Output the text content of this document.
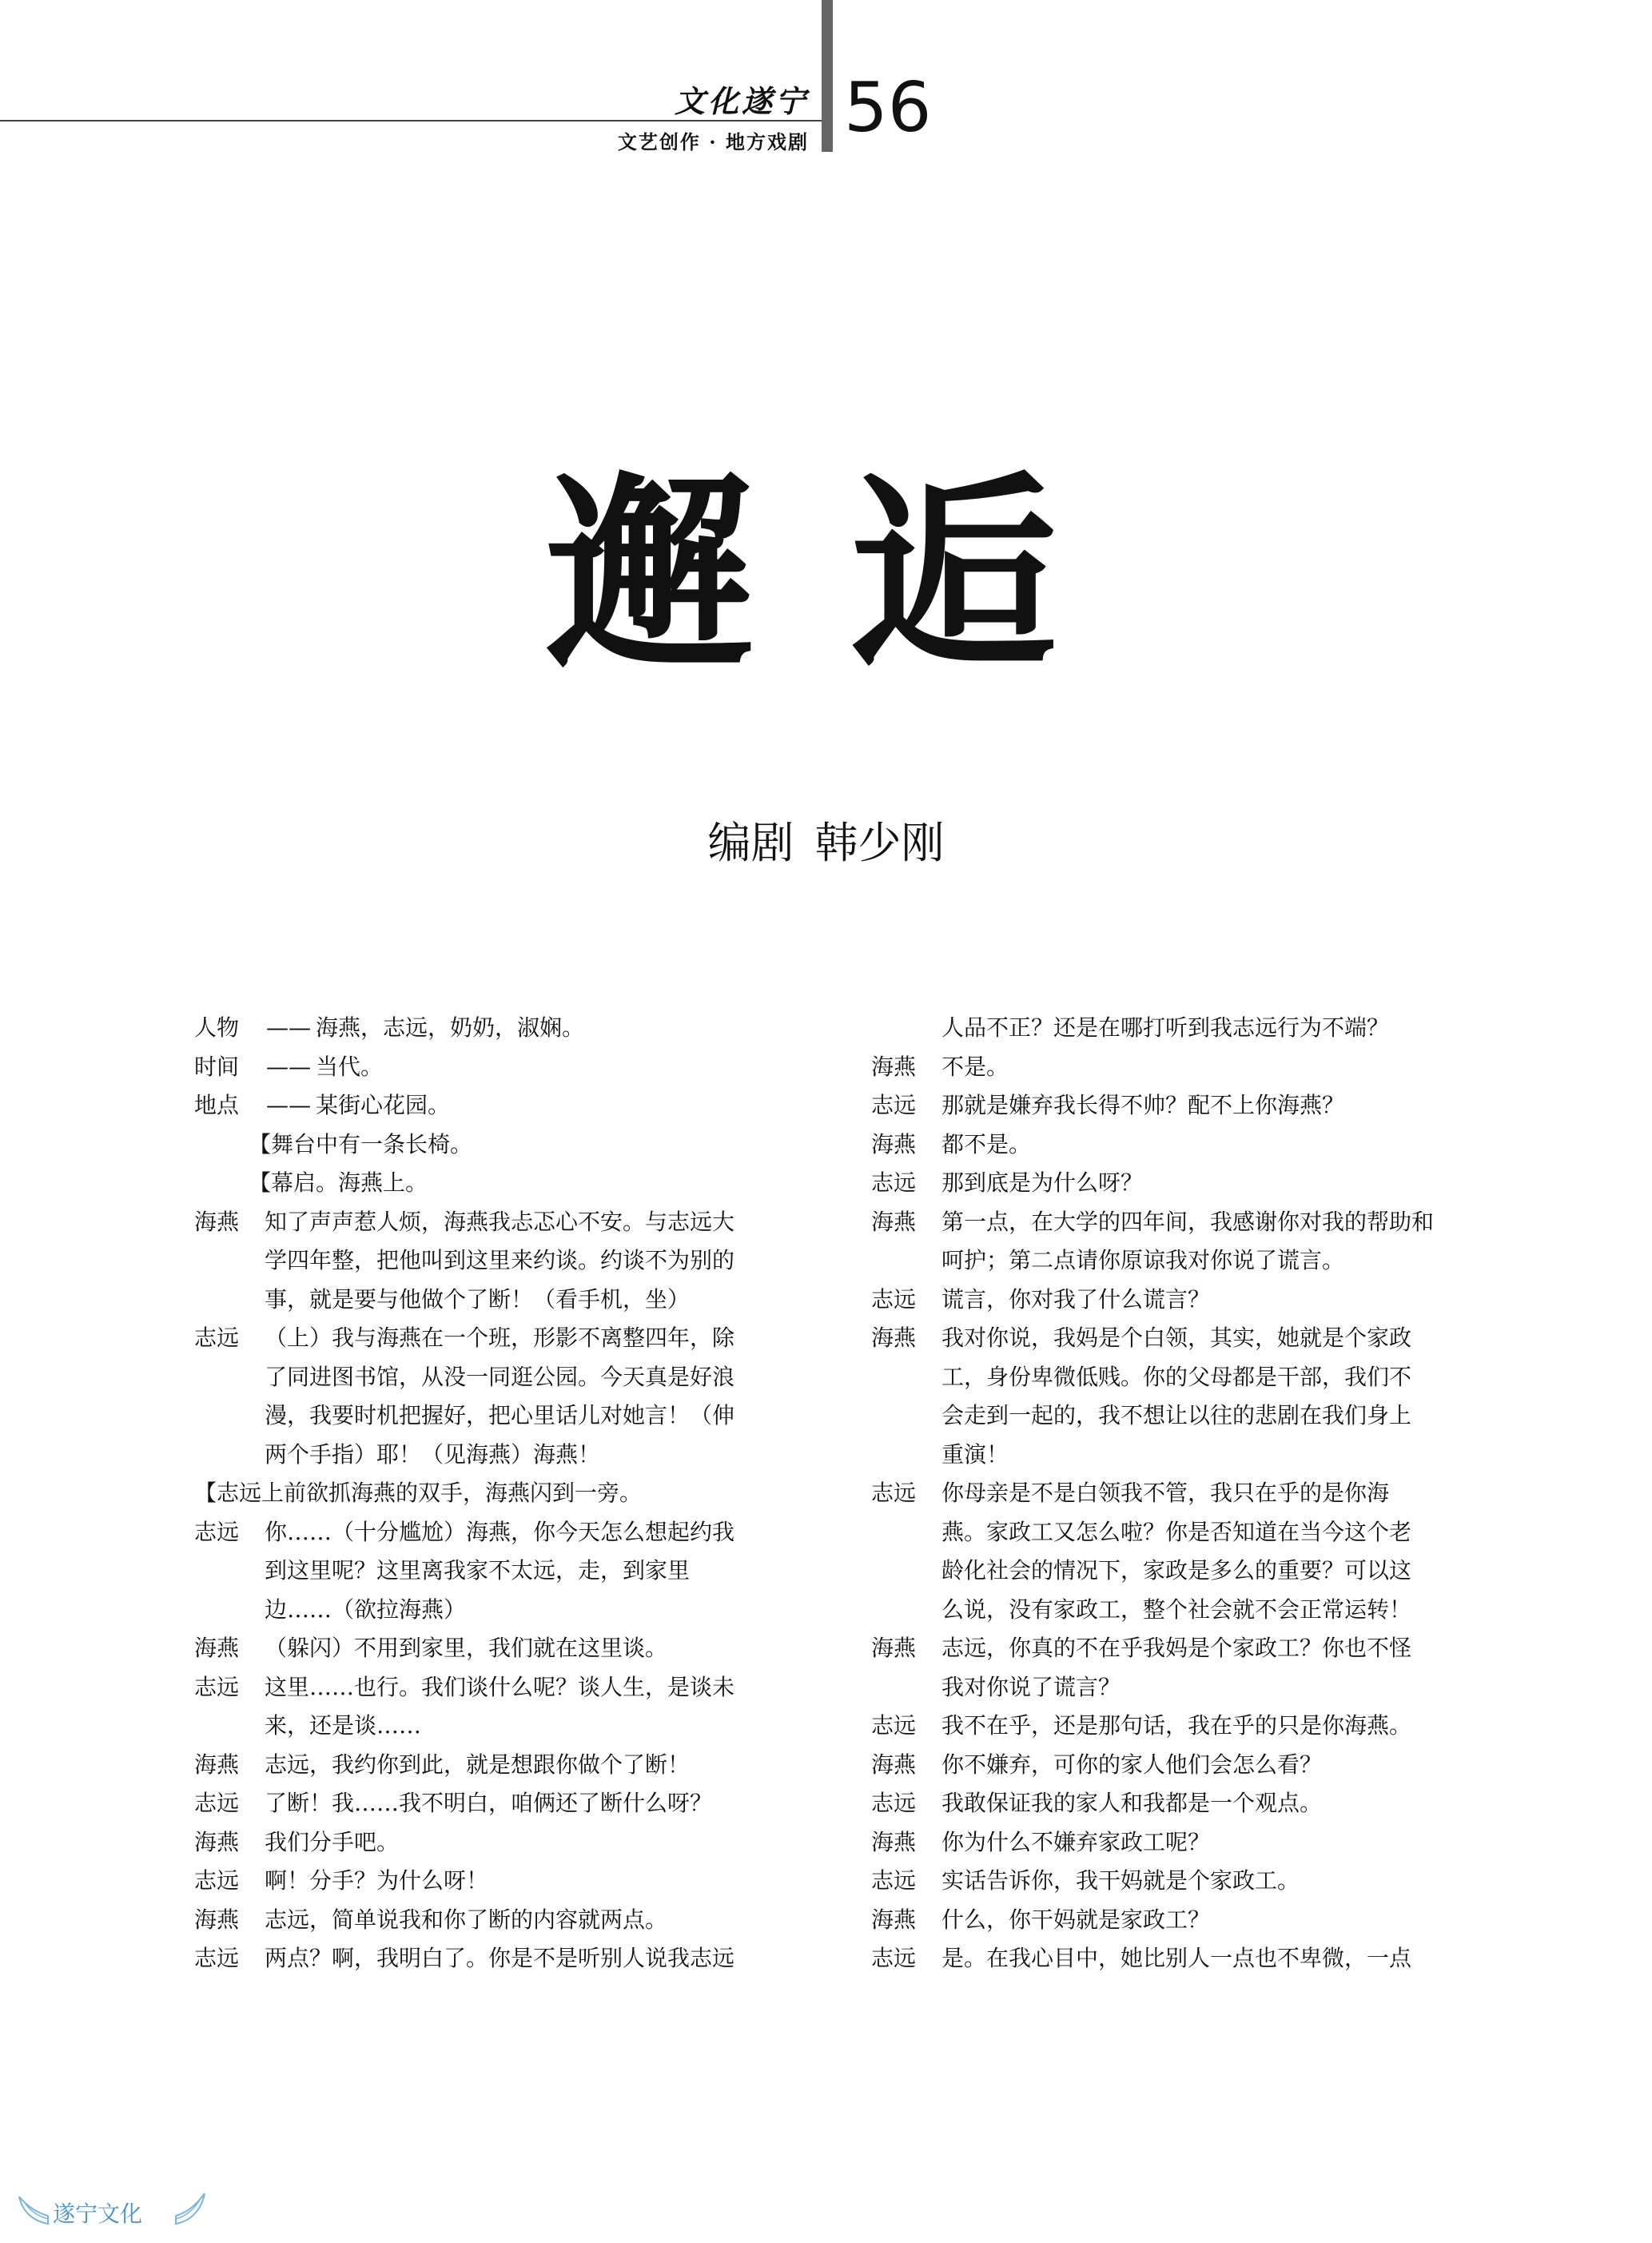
文化遂宁
文艺创作 · 地方戏剧 56
邂逅
编剧 韩少刚
人物	—— 海燕，志远，奶奶，淑娴。
时间	—— 当代。
地点	—— 某街心花园。
【舞台中有一条长椅。
【幕启。海燕上。
海燕	知了声声惹人烦，海燕我忐忑心不安。与志远大
学四年整，把他叫到这里来约谈。约谈不为别的
事，就是要与他做个了断！（看手机，坐）
志远	（上）我与海燕在一个班，形影不离整四年，除
了同进图书馆，从没一同逛公园。今天真是好浪
漫，我要时机把握好，把心里话儿对她言！（伸
两个手指）耶！（见海燕）海燕！
【志远上前欲抓海燕的双手，海燕闪到一旁。
志远	你……（十分尴尬）海燕，你今天怎么想起约我
到这里呢？这里离我家不太远，走，到家里
边……（欲拉海燕）
海燕	（躲闪）不用到家里，我们就在这里谈。
志远	这里……也行。我们谈什么呢？谈人生，是谈未
来，还是谈……
海燕	志远，我约你到此，就是想跟你做个了断！
志远	了断！我……我不明白，咱俩还了断什么呀？
海燕	我们分手吧。
志远	啊！分手？为什么呀！
海燕	志远，简单说我和你了断的内容就两点。
志远	两点？啊，我明白了。你是不是听别人说我志远
人品不正？还是在哪打听到我志远行为不端？
海燕	不是。
志远	那就是嫌弃我长得不帅？配不上你海燕？
海燕	都不是。
志远	那到底是为什么呀？
海燕	第一点，在大学的四年间，我感谢你对我的帮助和
呵护；第二点请你原谅我对你说了谎言。
志远	谎言，你对我了什么谎言？
海燕	我对你说，我妈是个白领，其实，她就是个家政
工，身份卑微低贱。你的父母都是干部，我们不
会走到一起的，我不想让以往的悲剧在我们身上
重演！
志远	你母亲是不是白领我不管，我只在乎的是你海
燕。家政工又怎么啦？你是否知道在当今这个老
龄化社会的情况下，家政是多么的重要？可以这
么说，没有家政工，整个社会就不会正常运转！
海燕	志远，你真的不在乎我妈是个家政工？你也不怪
我对你说了谎言？
志远	我不在乎，还是那句话，我在乎的只是你海燕。
海燕	你不嫌弃，可你的家人他们会怎么看？
志远	我敢保证我的家人和我都是一个观点。
海燕	你为什么不嫌弃家政工呢？
志远	实话告诉你，我干妈就是个家政工。
海燕	什么，你干妈就是家政工？
志远	是。在我心目中，她比别人一点也不卑微，一点
遂宁文化
